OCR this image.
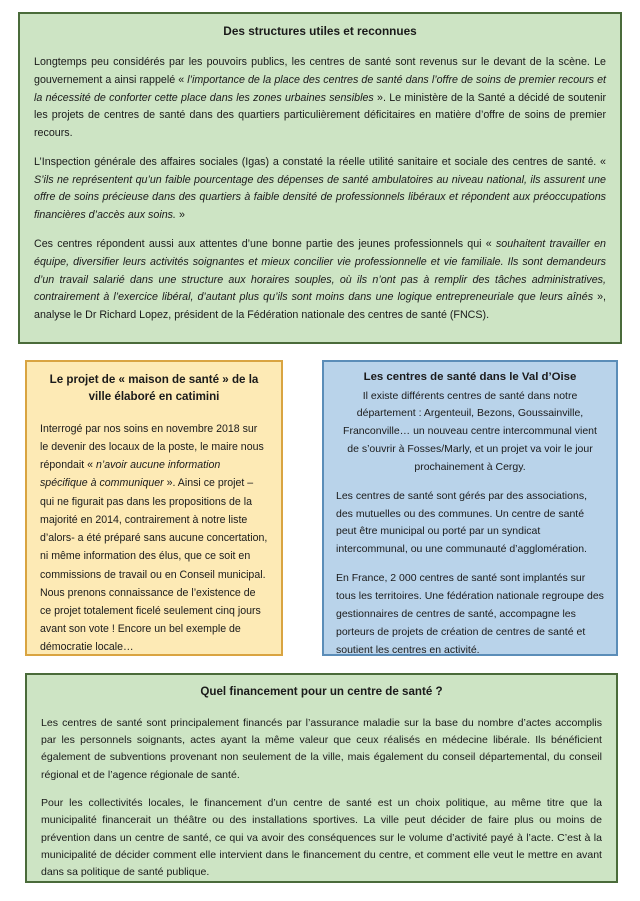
Des structures utiles et reconnues

Longtemps peu considérés par les pouvoirs publics, les centres de santé sont revenus sur le devant de la scène. Le gouvernement a ainsi rappelé « l’importance de la place des centres de santé dans l’offre de soins de premier recours et la nécessité de conforter cette place dans les zones urbaines sensibles ». Le ministère de la Santé a décidé de soutenir les projets de centres de santé dans des quartiers particulièrement déficitaires en matière d’offre de soins de premier recours.

L’Inspection générale des affaires sociales (Igas) a constaté la réelle utilité sanitaire et sociale des centres de santé. « S’ils ne représentent qu’un faible pourcentage des dépenses de santé ambulatoires au niveau national, ils assurent une offre de soins précieuse dans des quartiers à faible densité de professionnels libéraux et répondent aux préoccupations financières d’accès aux soins. »

Ces centres répondent aussi aux attentes d’une bonne partie des jeunes professionnels qui « souhaitent travailler en équipe, diversifier leurs activités soignantes et mieux concilier vie professionnelle et vie familiale. Ils sont demandeurs d’un travail salarié dans une structure aux horaires souples, où ils n’ont pas à remplir des tâches administratives, contrairement à l’exercice libéral, d’autant plus qu’ils sont moins dans une logique entrepreneuriale que leurs aînés », analyse le Dr Richard Lopez, président de la Fédération nationale des centres de santé (FNCS).

Le projet de « maison de santé » de la ville élaboré en catimini

Interrogé par nos soins en novembre 2018 sur le devenir des locaux de la poste, le maire nous répondait « n’avoir aucune information spécifique à communiquer ». Ainsi ce projet – qui ne figurait pas dans les propositions de la majorité en 2014, contrairement à notre liste d’alors- a été préparé sans aucune concertation, ni même information des élus, que ce soit en commissions de travail ou en Conseil municipal. Nous prenons connaissance de l’existence de ce projet totalement ficelé seulement cinq jours avant son vote ! Encore un bel exemple de démocratie locale…

Les centres de santé dans le Val d’Oise

Il existe différents centres de santé dans notre département : Argenteuil, Bezons, Goussainville, Franconville… un nouveau centre intercommunal vient de s’ouvrir à Fosses/Marly, et un projet va voir le jour prochainement à Cergy.

Les centres de santé sont gérés par des associations, des mutuelles ou des communes. Un centre de santé peut être municipal ou porté par un syndicat intercommunal, ou une communauté d’agglomération.

En France, 2 000 centres de santé sont implantés sur tous les territoires. Une fédération nationale regroupe des gestionnaires de centres de santé, accompagne les porteurs de projets de création de centres de santé et soutient les centres en activité.

Quel financement pour un centre de santé ?

Les centres de santé sont principalement financés par l’assurance maladie sur la base du nombre d’actes accomplis par les personnels soignants, actes ayant la même valeur que ceux réalisés en médecine libérale. Ils bénéficient également de subventions provenant non seulement de la ville, mais également du conseil départemental, du conseil régional et de l’agence régionale de santé.

Pour les collectivités locales, le financement d’un centre de santé est un choix politique, au même titre que la municipalité financerait un théâtre ou des installations sportives. La ville peut décider de faire plus ou moins de prévention dans un centre de santé, ce qui va avoir des conséquences sur le volume d’activité payé à l’acte. C’est à la municipalité de décider comment elle intervient dans le financement du centre, et comment elle veut le mettre en avant dans sa politique de santé publique.
